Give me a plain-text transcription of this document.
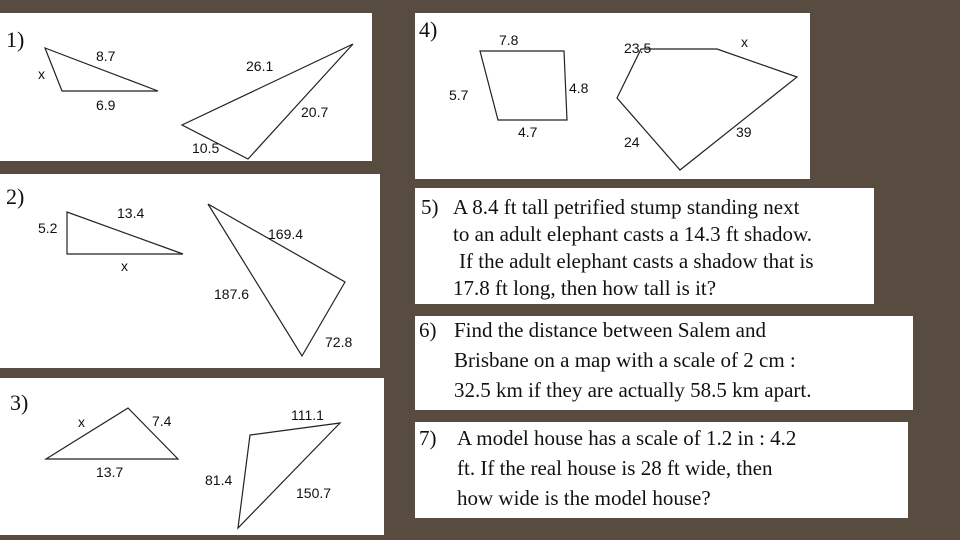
1)
8.7
x
6.9
26.1
20.7
10.5
2)
13.4
5.2
x
169.4
187.6
72.8
3)
x	7.4
13.7
111.1
81.4
150.7
4)	7.8
5.7	4.8
4.7
23.5	x
24
39
5) A 8.4 ft tall petrified stump standing next
to an adult elephant casts a 14.3 ft shadow.
If the adult elephant casts a shadow that is
17.8 ft long, then how tall is it?
6) Find the distance between Salem and
Brisbane on a map with a scale of 2 cm :
32.5 km if they are actually 58.5 km apart.
7) A model house has a scale of 1.2 in : 4.2
ft. If the real house is 28 ft wide, then
how wide is the model house?
